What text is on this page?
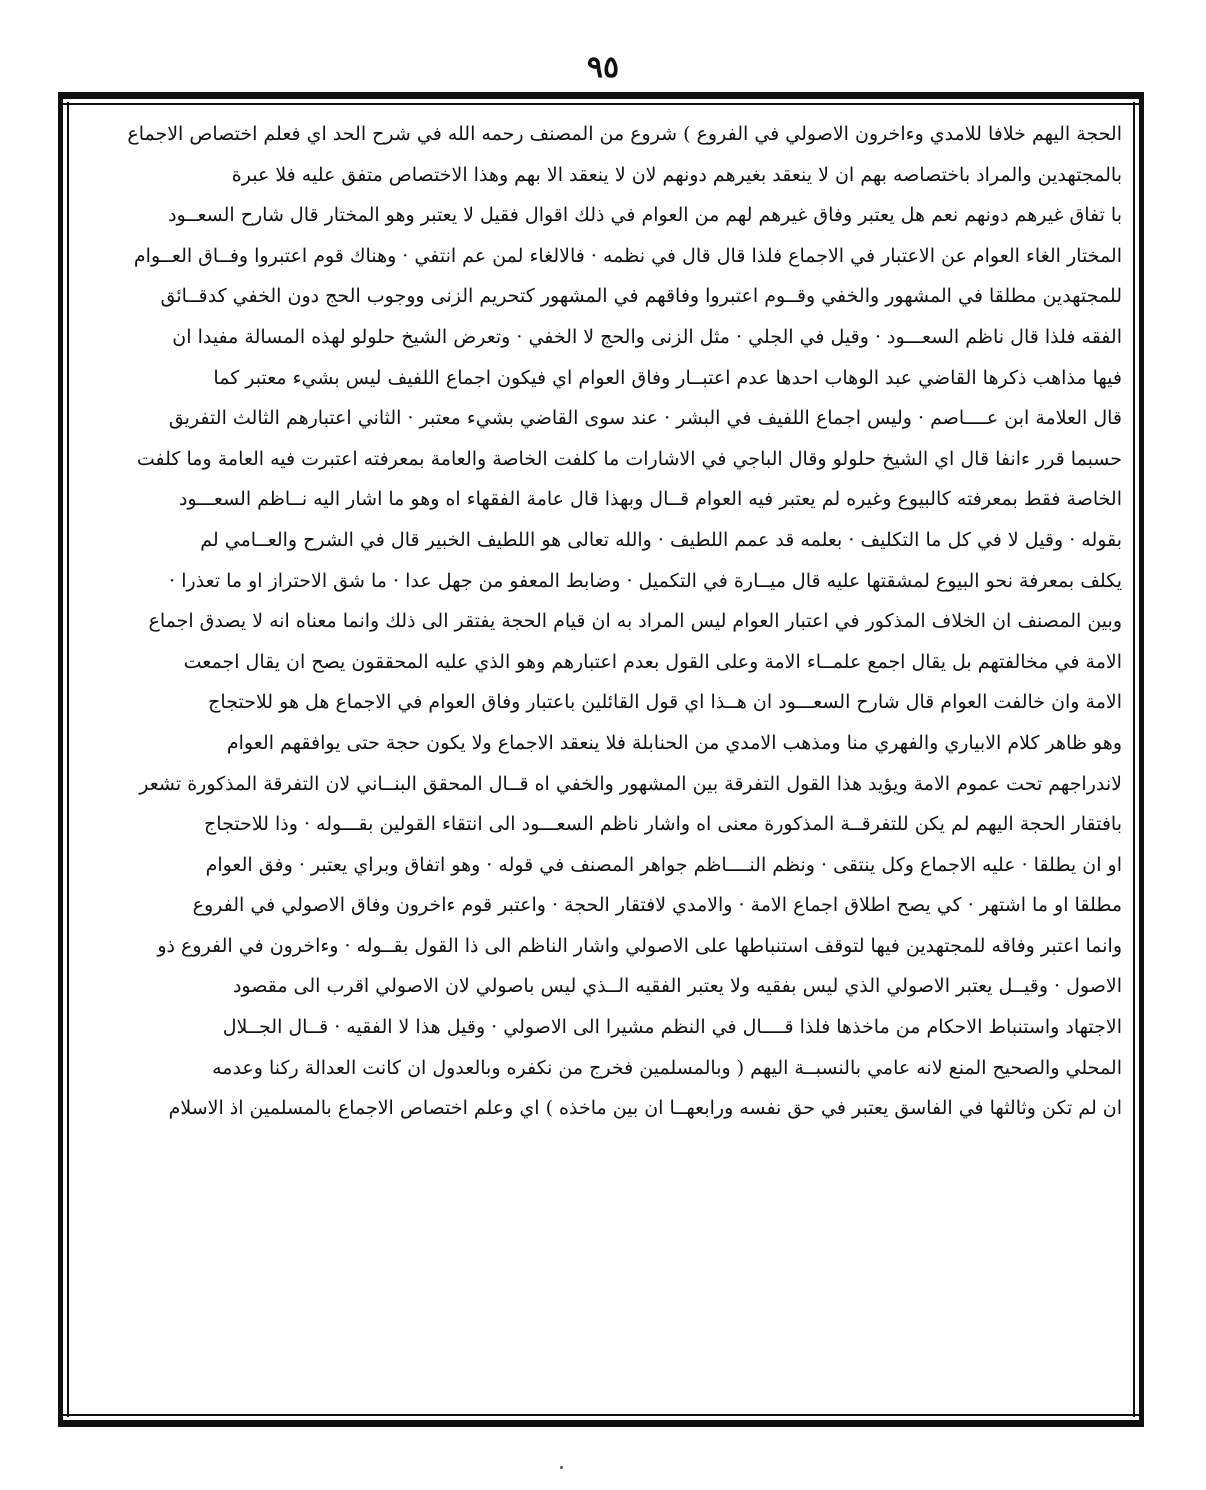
٩٥
الحجة اليهم خلافا للامدي وءاخرون الاصولي في الفروع ) شروع من المصنف رحمه الله في شرح الحد اي فعلم اختصاص الاجماع
بالمجتهدين والمراد باختصاصه بهم ان لا ينعقد بغيرهم دونهم لان لا ينعقد الا بهم وهذا الاختصاص متفق عليه فلا عبرة
با تفاق غيرهم دونهم نعم هل يعتبر وفاق غيرهم لهم من العوام في ذلك اقوال فقيل لا يعتبر وهو المختار قال شارح السعــود
المختار الغاء العوام عن الاعتبار في الاجماع فلذا قال قال في نظمه · فالالغاء لمن عم انتفي · وهناك قوم اعتبروا وفــاق العــوام
للمجتهدين مطلقا في المشهور والخفي وقــوم اعتبروا وفاقهم في المشهور كتحريم الزنى ووجوب الحج دون الخفي كدقــائق
الفقه فلذا قال ناظم السعـــود · وقيل في الجلي · مثل الزنى والحج لا الخفي · وتعرض الشيخ حلولو لهذه المسالة مفيدا ان
فيها مذاهب ذكرها القاضي عبد الوهاب احدها عدم اعتبــار وفاق العوام اي فيكون اجماع اللفيف ليس بشيء معتبر كما
قال العلامة ابن عــــاصم · وليس اجماع اللفيف في البشر · عند سوى القاضي بشيء معتبر · الثاني اعتبارهم الثالث التفريق
حسبما قرر ءانفا قال اي الشيخ حلولو وقال الباجي في الاشارات ما كلفت الخاصة والعامة بمعرفته اعتبرت فيه العامة وما كلفت
الخاصة فقط بمعرفته كالبيوع وغيره لم يعتبر فيه العوام قــال وبهذا قال عامة الفقهاء اه وهو ما اشار اليه نــاظم السعـــود
بقوله · وقيل لا في كل ما التكليف · بعلمه قد عمم اللطيف · والله تعالى هو اللطيف الخبير قال في الشرح والعــامي لم
يكلف بمعرفة نحو البيوع لمشقتها عليه قال ميــارة في التكميل · وضابط المعفو من جهل عدا · ما شق الاحتراز او ما تعذرا ·
وبين المصنف ان الخلاف المذكور في اعتبار العوام ليس المراد به ان قيام الحجة يفتقر الى ذلك وانما معناه انه لا يصدق اجماع
الامة في مخالفتهم بل يقال اجمع علمــاء الامة وعلى القول بعدم اعتبارهم وهو الذي عليه المحققون يصح ان يقال اجمعت
الامة وان خالفت العوام قال شارح السعـــود ان هــذا اي قول القائلين باعتبار وفاق العوام في الاجماع هل هو للاحتجاج
وهو ظاهر كلام الابياري والفهري منا ومذهب الامدي من الحنابلة فلا ينعقد الاجماع ولا يكون حجة حتى يوافقهم العوام
لاندراجهم تحت عموم الامة ويؤيد هذا القول التفرقة بين المشهور والخفي اه قــال المحقق البنــاني لان التفرقة المذكورة تشعر
بافتقار الحجة اليهم لم يكن للتفرقــة المذكورة معنى اه واشار ناظم السعـــود الى انتقاء القولين بقـــوله · وذا للاحتجاج
او ان يطلقا · عليه الاجماع وكل ينتقى · ونظم النــــاظم جواهر المصنف في قوله · وهو اتفاق وبراي يعتبر · وفق العوام
مطلقا او ما اشتهر · كي يصح اطلاق اجماع الامة · والامدي لافتقار الحجة · واعتبر قوم ءاخرون وفاق الاصولي في الفروع
وانما اعتبر وفاقه للمجتهدين فيها لتوقف استنباطها على الاصولي واشار الناظم الى ذا القول بقــوله · وءاخرون في الفروع ذو
الاصول · وقيــل يعتبر الاصولي الذي ليس بفقيه ولا يعتبر الفقيه الــذي ليس باصولي لان الاصولي اقرب الى مقصود
الاجتهاد واستنباط الاحكام من ماخذها فلذا قــــال في النظم مشيرا الى الاصولي · وقيل هذا لا الفقيه · قــال الجــلال
المحلي والصحيح المنع لانه عامي بالنسبــة اليهم ( وبالمسلمين فخرج من نكفره وبالعدول ان كانت العدالة ركنا وعدمه
ان لم تكن وثالثها في الفاسق يعتبر في حق نفسه ورابعهــا ان بين ماخذه ) اي وعلم اختصاص الاجماع بالمسلمين اذ الاسلام
